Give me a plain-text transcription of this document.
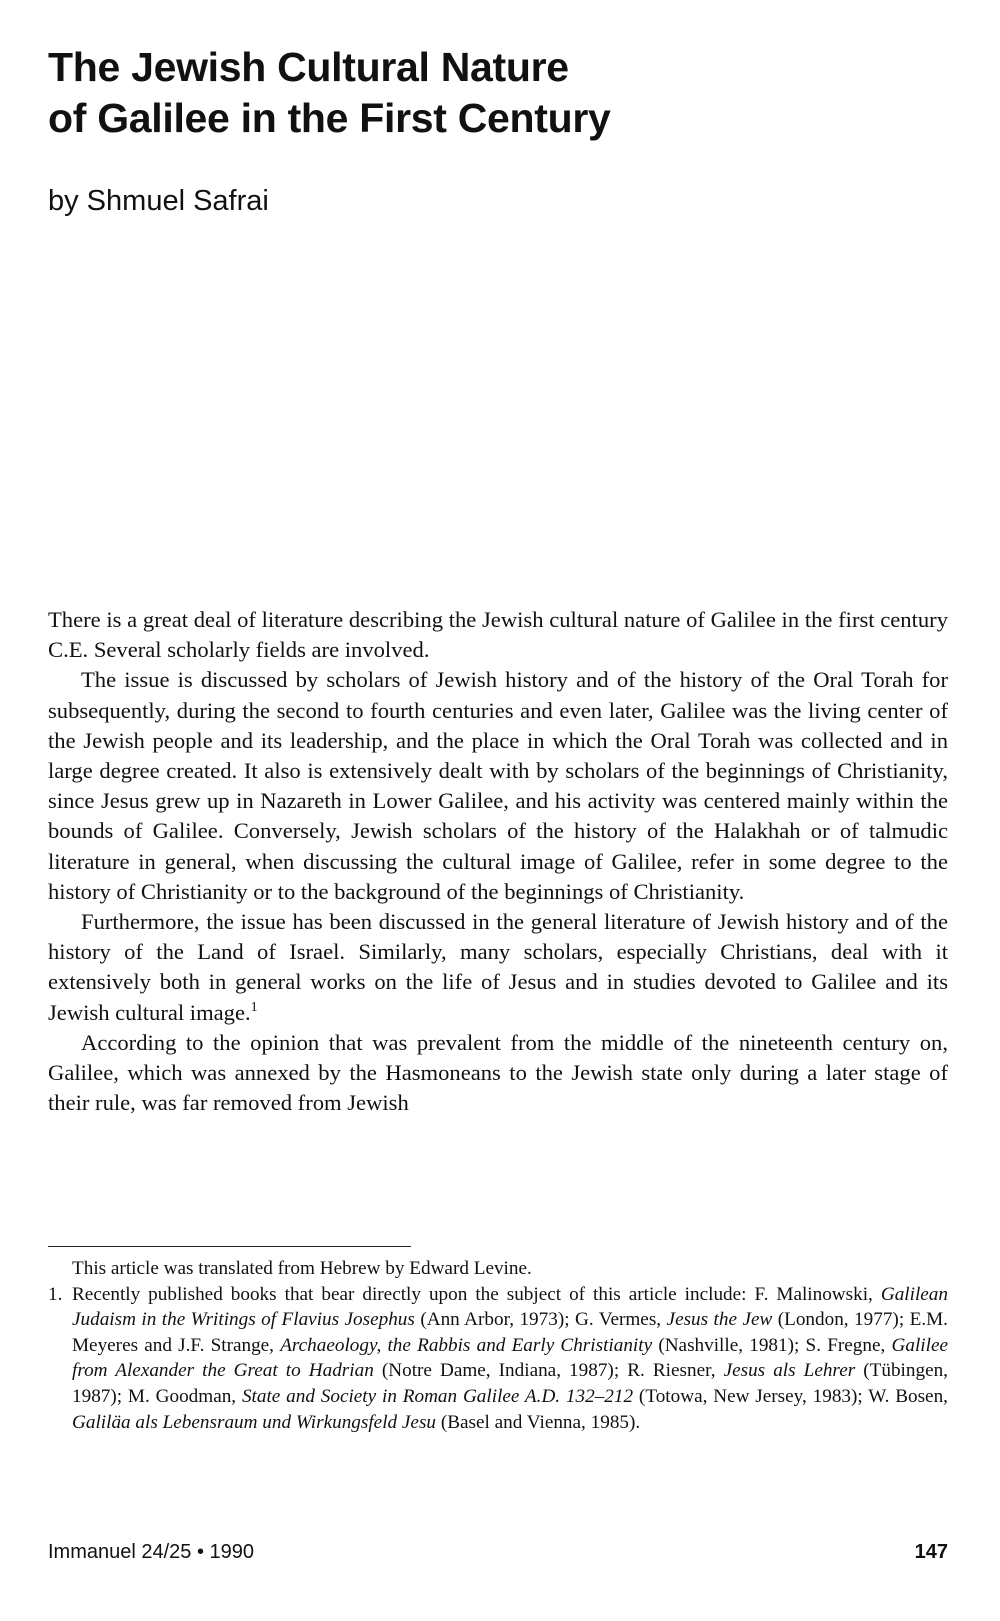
The Jewish Cultural Nature
of Galilee in the First Century
by Shmuel Safrai

There is a great deal of literature describing the Jewish cultural nature of Galilee in the first century C.E. Several scholarly fields are involved.

The issue is discussed by scholars of Jewish history and of the history of the Oral Torah for subsequently, during the second to fourth centuries and even later, Galilee was the living center of the Jewish people and its leadership, and the place in which the Oral Torah was collected and in large degree created. It also is extensively dealt with by scholars of the beginnings of Christianity, since Jesus grew up in Nazareth in Lower Galilee, and his activity was centered mainly within the bounds of Galilee. Conversely, Jewish scholars of the history of the Halakhah or of talmudic literature in general, when discussing the cultural image of Galilee, refer in some degree to the history of Christianity or to the background of the beginnings of Christianity.

Furthermore, the issue has been discussed in the general literature of Jewish history and of the history of the Land of Israel. Similarly, many scholars, especially Christians, deal with it extensively both in general works on the life of Jesus and in studies devoted to Galilee and its Jewish cultural image.$^1$

According to the opinion that was prevalent from the middle of the nineteenth century on, Galilee, which was annexed by the Hasmoneans to the Jewish state only during a later stage of their rule, was far removed from Jewish

This article was translated from Hebrew by Edward Levine.

1. Recently published books that bear directly upon the subject of this article include: F. Malinowski, Galilean Judaism in the Writings of Flavius Josephus (Ann Arbor, 1973); G. Vermes, Jesus the Jew (London, 1977); E.M. Meyeres and J.F. Strange, Archaeology, the Rabbis and Early Christianity (Nashville, 1981); S. Fregne, Galilee from Alexander the Great to Hadrian (Notre Dame, Indiana, 1987); R. Riesner, Jesus als Lehrer (Tübingen, 1987); M. Goodman, State and Society in Roman Galilee A.D. 132–212 (Totowa, New Jersey, 1983); W. Bosen, Galiläa als Lebensraum und Wirkungsfeld Jesu (Basel and Vienna, 1985).

Immanuel 24/25 • 1990	147
